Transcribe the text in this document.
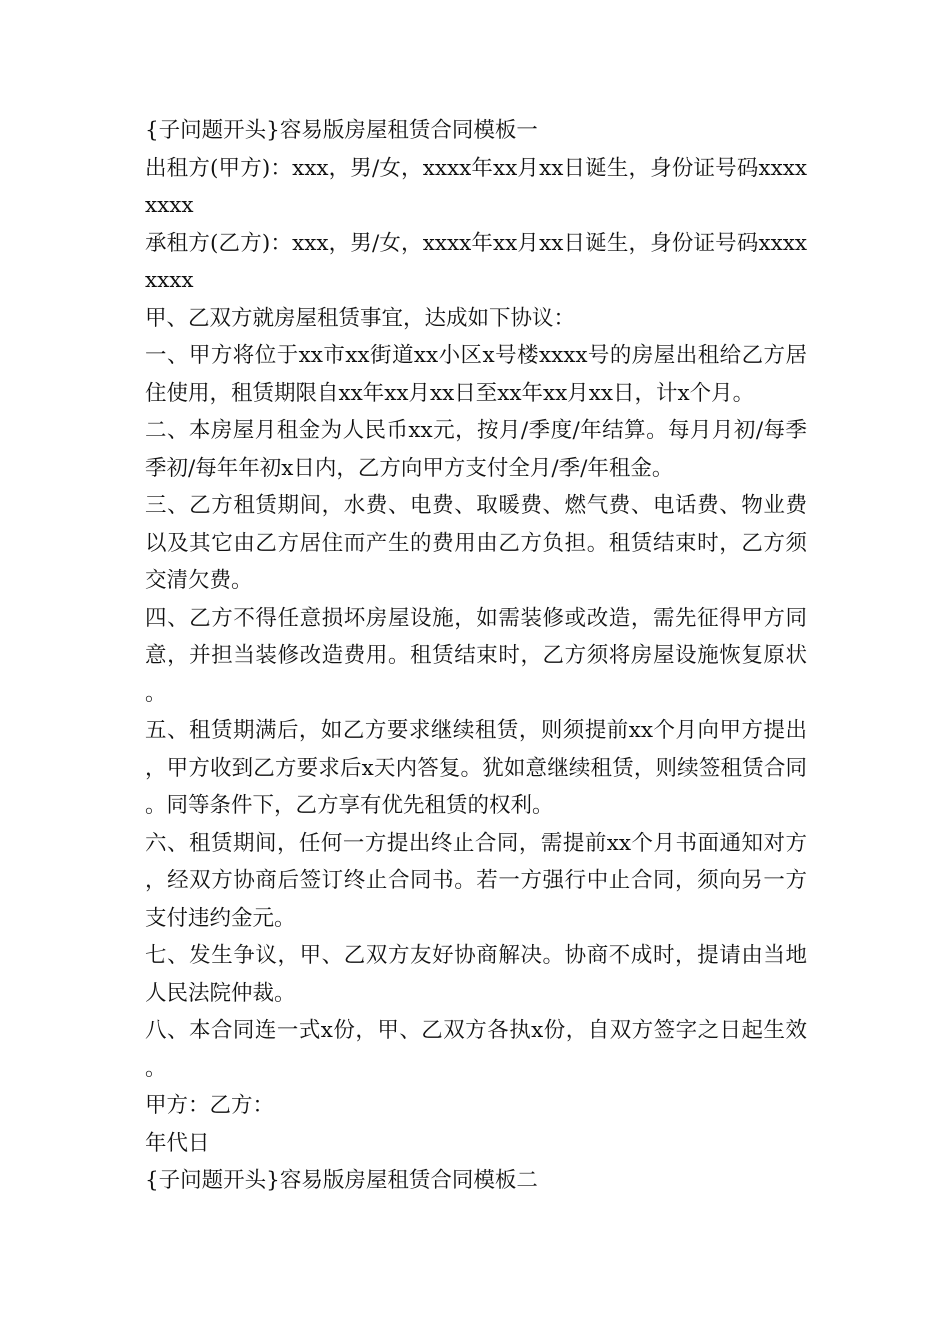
{子问题开头}容易版房屋租赁合同模板一

出租方(甲方)：xxx，男/女，xxxx年xx月xx日诞生，身份证号码xxxxxxxx

承租方(乙方)：xxx，男/女，xxxx年xx月xx日诞生，身份证号码xxxxxxxx

甲、乙双方就房屋租赁事宜，达成如下协议：

一、甲方将位于xx市xx街道xx小区x号楼xxxx号的房屋出租给乙方居住使用，租赁期限自xx年xx月xx日至xx年xx月xx日，计x个月。

二、本房屋月租金为人民币xx元，按月/季度/年结算。每月月初/每季季初/每年年初x日内，乙方向甲方支付全月/季/年租金。

三、乙方租赁期间，水费、电费、取暖费、燃气费、电话费、物业费以及其它由乙方居住而产生的费用由乙方负担。租赁结束时，乙方须交清欠费。

四、乙方不得任意损坏房屋设施，如需装修或改造，需先征得甲方同意，并担当装修改造费用。租赁结束时，乙方须将房屋设施恢复原状。

五、租赁期满后，如乙方要求继续租赁，则须提前xx个月向甲方提出，甲方收到乙方要求后x天内答复。犹如意继续租赁，则续签租赁合同。同等条件下，乙方享有优先租赁的权利。

六、租赁期间，任何一方提出终止合同，需提前xx个月书面通知对方，经双方协商后签订终止合同书。若一方强行中止合同，须向另一方支付违约金元。

七、发生争议，甲、乙双方友好协商解决。协商不成时，提请由当地人民法院仲裁。

八、本合同连一式x份，甲、乙双方各执x份，自双方签字之日起生效。

甲方：乙方：

年代日

{子问题开头}容易版房屋租赁合同模板二
